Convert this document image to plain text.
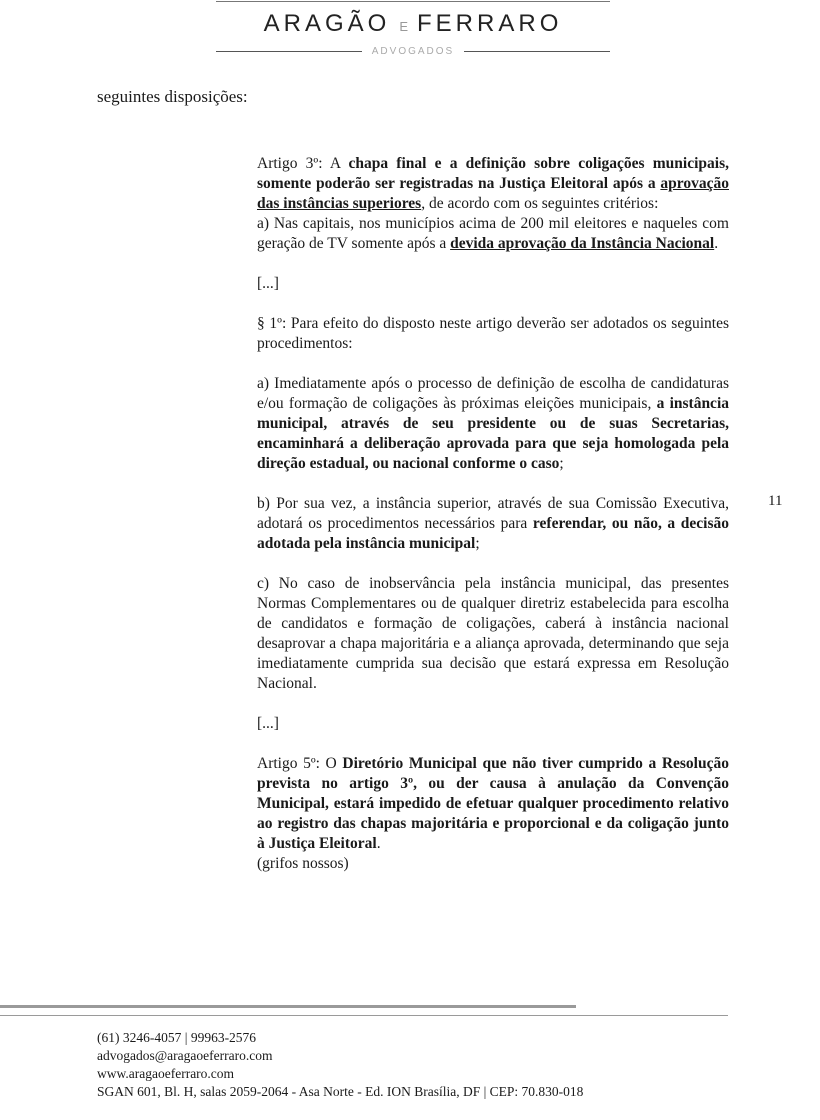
ARAGÃO E FERRARO
ADVOGADOS
seguintes disposições:

Artigo 3º: A chapa final e a definição sobre coligações municipais, somente poderão ser registradas na Justiça Eleitoral após a aprovação das instâncias superiores, de acordo com os seguintes critérios:
a) Nas capitais, nos municípios acima de 200 mil eleitores e naqueles com geração de TV somente após a devida aprovação da Instância Nacional.

[...]

§ 1º: Para efeito do disposto neste artigo deverão ser adotados os seguintes procedimentos:

a) Imediatamente após o processo de definição de escolha de candidaturas e/ou formação de coligações às próximas eleições municipais, a instância municipal, através de seu presidente ou de suas Secretarias, encaminhará a deliberação aprovada para que seja homologada pela direção estadual, ou nacional conforme o caso;

b) Por sua vez, a instância superior, através de sua Comissão Executiva, adotará os procedimentos necessários para referendar, ou não, a decisão adotada pela instância municipal;

c) No caso de inobservância pela instância municipal, das presentes Normas Complementares ou de qualquer diretriz estabelecida para escolha de candidatos e formação de coligações, caberá à instância nacional desaprovar a chapa majoritária e a aliança aprovada, determinando que seja imediatamente cumprida sua decisão que estará expressa em Resolução Nacional.

[...]

Artigo 5º: O Diretório Municipal que não tiver cumprido a Resolução prevista no artigo 3º, ou der causa à anulação da Convenção Municipal, estará impedido de efetuar qualquer procedimento relativo ao registro das chapas majoritária e proporcional e da coligação junto à Justiça Eleitoral.
(grifos nossos)

11
(61) 3246-4057 | 99963-2576
advogados@aragaoeferraro.com
www.aragaoeferraro.com
SGAN 601, Bl. H, salas 2059-2064 - Asa Norte - Ed. ION Brasília, DF | CEP: 70.830-018
